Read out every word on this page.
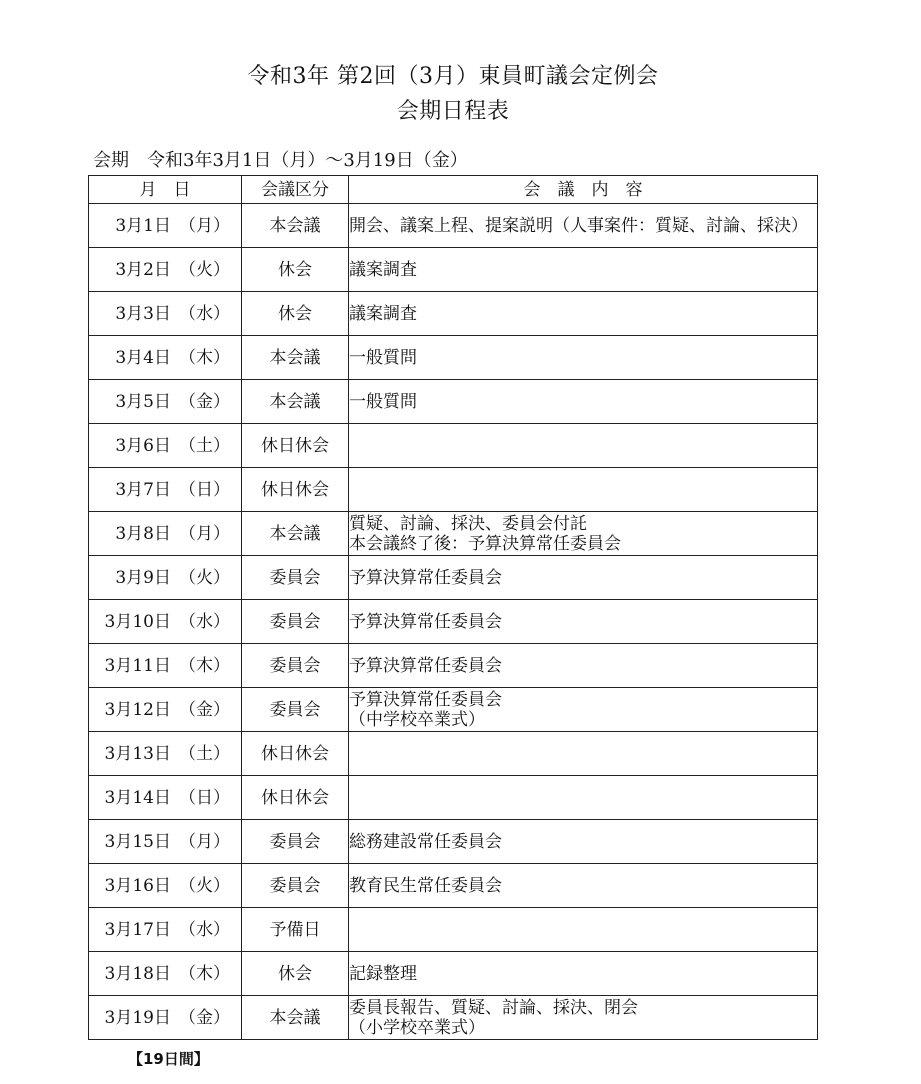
令和3年 第2回（3月）東員町議会定例会
会期日程表
会期　令和3年3月1日（月）～3月19日（金）
月　日	会議区分	会　議　内　容
3月1日 （月）	本会議	開会、議案上程、提案説明（人事案件：質疑、討論、採決）

3月2日 （火）	休会	議案調査

3月3日 （水）	休会	議案調査

3月4日 （木）	本会議	一般質問

3月5日 （金）	本会議	一般質問

3月6日 （土）	休日休会	
3月7日 （日）	休日休会	
3月8日 （月）	本会議	質疑、討論、採決、委員会付託
本会議終了後：予算決算常任委員会

3月9日 （火）	委員会	予算決算常任委員会

3月10日 （水）	委員会	予算決算常任委員会

3月11日 （木）	委員会	予算決算常任委員会

3月12日 （金）	委員会	予算決算常任委員会
（中学校卒業式）

3月13日 （土）	休日休会	
3月14日 （日）	休日休会	
3月15日 （月）	委員会	総務建設常任委員会

3月16日 （火）	委員会	教育民生常任委員会

3月17日 （水）	予備日	
3月18日 （木）	休会	記録整理

3月19日 （金）	本会議	委員長報告、質疑、討論、採決、閉会
（小学校卒業式）
【19日間】
